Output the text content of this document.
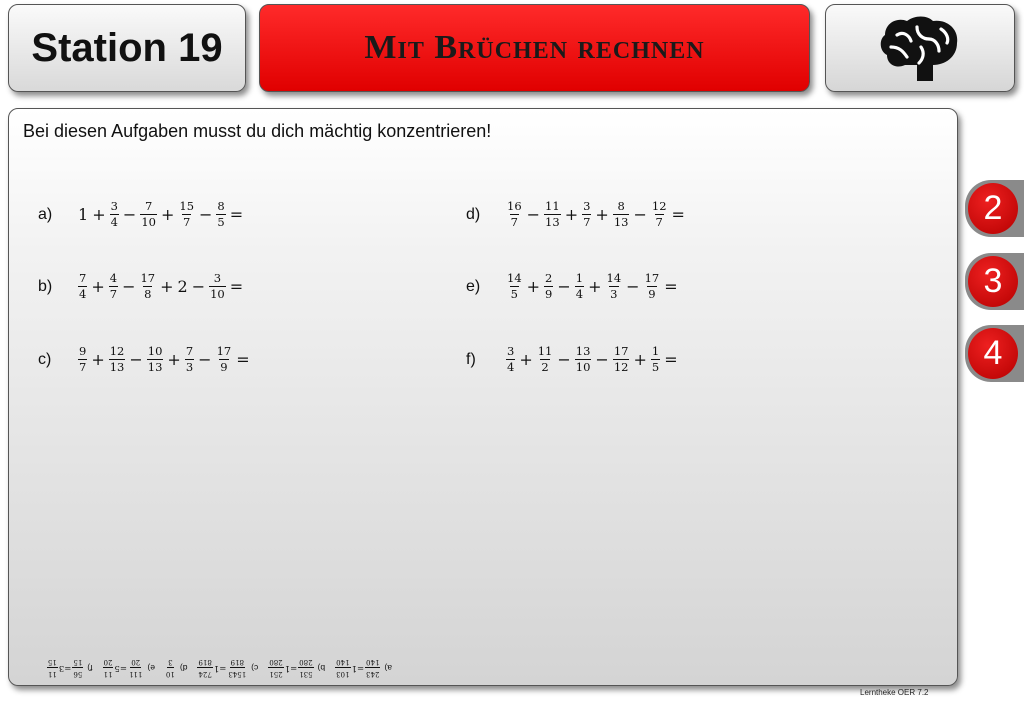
Station 19	Mit Brüchen rechnen
Bei diesen Aufgaben musst du dich mächtig konzentrieren!
a)	$1 + \frac{3}{4} - \frac{7}{10} + \frac{15}{7} - \frac{8}{5}$ =
b)	$\frac{7}{4} + \frac{4}{7} - \frac{17}{8} + 2 - \frac{3}{10}$ =
c)	$\frac{9}{7} + \frac{12}{13} - \frac{10}{13} + \frac{7}{3} - \frac{17}{9}$ =
d)	$\frac{16}{7} - \frac{11}{13} + \frac{3}{7} + \frac{8}{13} - \frac{12}{7}$ =
e)	$\frac{14}{5} + \frac{2}{9} - \frac{1}{4} + \frac{14}{3} - \frac{17}{9}$ =
f)	$\frac{3}{4} + \frac{11}{2} - \frac{13}{10} - \frac{17}{12} + \frac{1}{5}$ =
a)
243
140
=
1
103
140
b)
531
280
=
1
251
280
c)
1543
819
=
1
724
819
d)
10
3
e)
111
20
=
5
11
20
f)
56
15
=
3
11
15
2
3
4
Lerntheke OER 7.2
